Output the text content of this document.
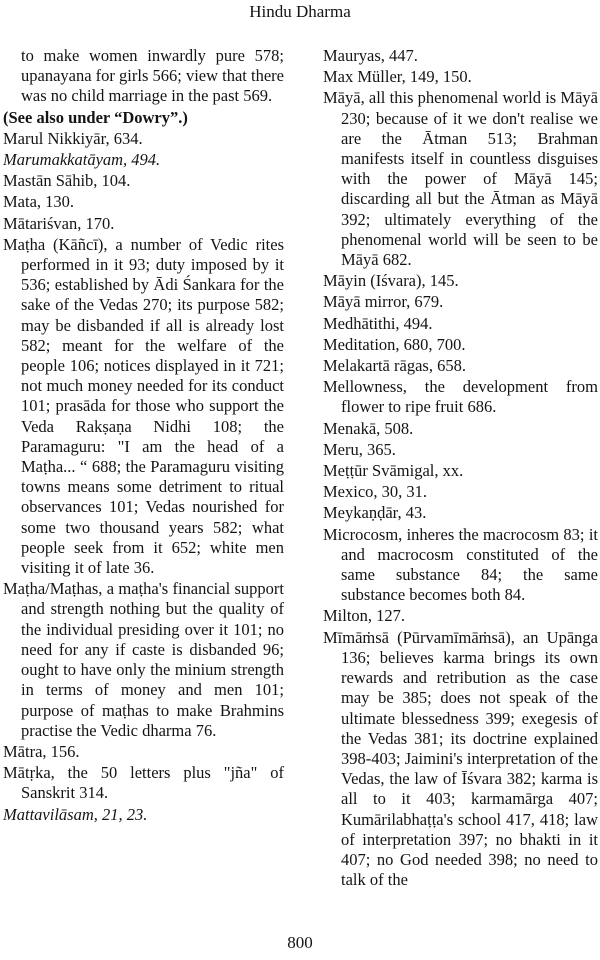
Hindu Dharma

to make women inwardly pure 578; upanayana for girls 566; view that there was no child marriage in the past 569.

(See also under “Dowry”.)

Marul Nikkiyār, 634.

Marumakkatāyam, 494.

Mastān Sāhib, 104.

Mata, 130.

Mātariśvan, 170.

Maṭha (Kāñcī), a number of Vedic rites performed in it 93; duty imposed by it 536; established by Ādi Śankara for the sake of the Vedas 270; its purpose 582; may be disbanded if all is already lost 582; meant for the welfare of the people 106; notices displayed in it 721; not much money needed for its conduct 101; prasāda for those who support the Veda Rakṣaṇa Nidhi 108; the Paramaguru: "I am the head of a Maṭha... “ 688; the Paramaguru visiting towns means some detriment to ritual observances 101; Vedas nourished for some two thousand years 582; what people seek from it 652; white men visiting it of late 36.

Maṭha/Maṭhas, a maṭha's financial support and strength nothing but the quality of the individual presiding over it 101; no need for any if caste is disbanded 96; ought to have only the minium strength in terms of money and men 101; purpose of maṭhas to make Brahmins practise the Vedic dharma 76.

Mātra, 156.

Mātṛka, the 50 letters plus "jña" of Sanskrit 314.

Mattavilāsam, 21, 23.

Mauryas, 447.

Max Müller, 149, 150.

Māyā, all this phenomenal world is Māyā 230; because of it we don't realise we are the Ātman 513; Brahman manifests itself in countless disguises with the power of Māyā 145; discarding all but the Ātman as Māyā 392; ultimately everything of the phenomenal world will be seen to be Māyā 682.

Māyin (Iśvara), 145.

Māyā mirror, 679.

Medhātithi, 494.

Meditation, 680, 700.

Melakartā rāgas, 658.

Mellowness, the development from flower to ripe fruit 686.

Menakā, 508.

Meru, 365.

Meṭṭūr Svāmigal, xx.

Mexico, 30, 31.

Meykaṇḍār, 43.

Microcosm, inheres the macrocosm 83; it and macrocosm constituted of the same substance 84; the same substance becomes both 84.

Milton, 127.

Mīmāṁsā (Pūrvamīmāṁsā), an Upānga 136; believes karma brings its own rewards and retribution as the case may be 385; does not speak of the ultimate blessedness 399; exegesis of the Vedas 381; its doctrine explained 398-403; Jaimini's interpretation of the Vedas, the law of Īśvara 382; karma is all to it 403; karmamārga 407; Kumārilabhaṭṭa's school 417, 418; law of interpretation 397; no bhakti in it 407; no God needed 398; no need to talk of the

800
